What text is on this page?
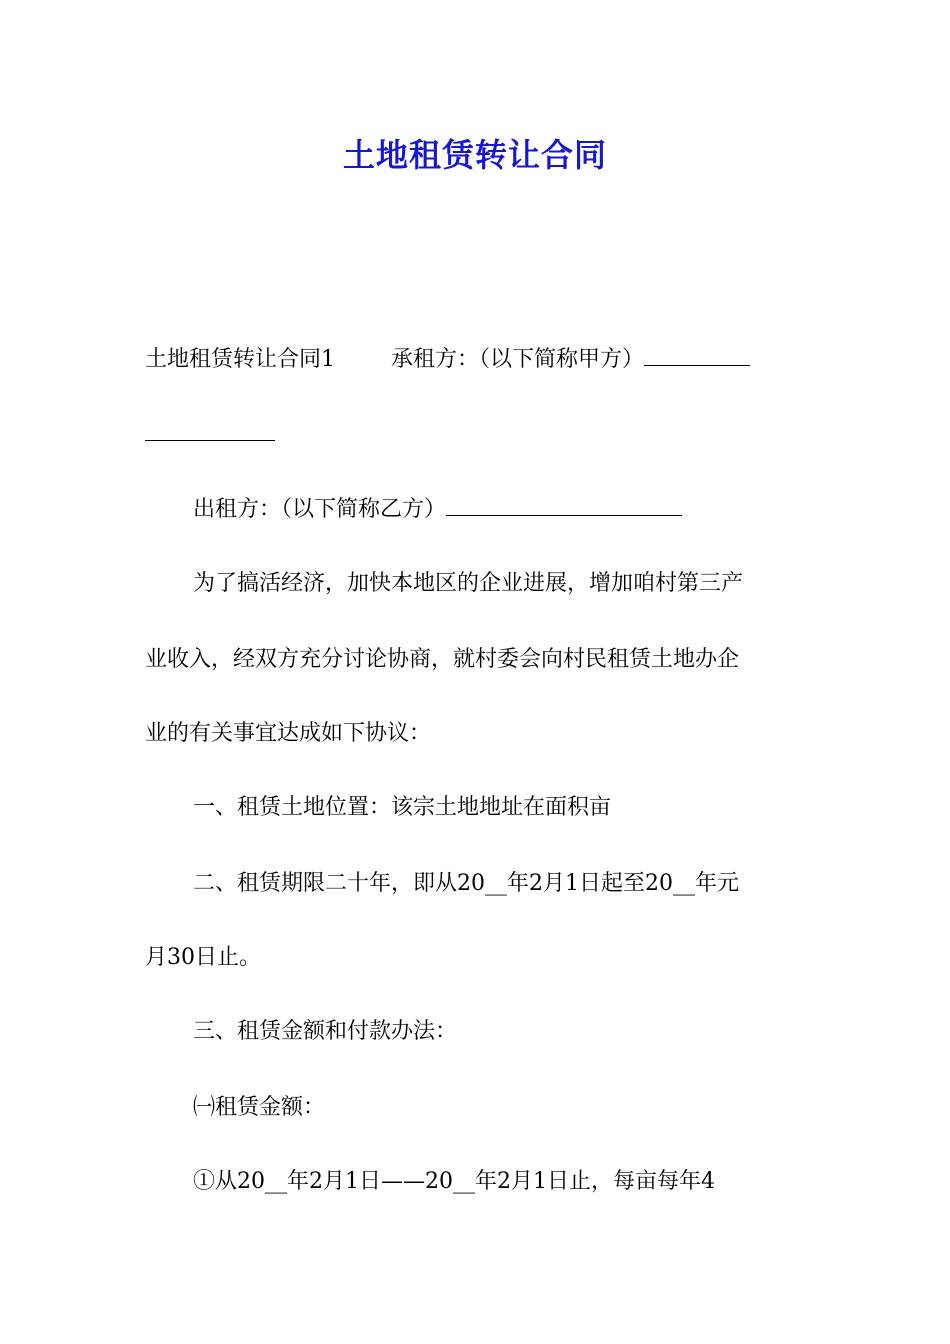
土地租赁转让合同
土地租赁转让合同1	承租方：（以下简称甲方）
出租方：（以下简称乙方）
为了搞活经济，加快本地区的企业进展，增加咱村第三产
业收入，经双方充分讨论协商，就村委会向村民租赁土地办企
业的有关事宜达成如下协议：
一、租赁土地位置：该宗土地地址在面积亩
二、租赁期限二十年，即从20__年2月1日起至20__年元
月30日止。
三、租赁金额和付款办法：
㈠租赁金额：
①从20__年2月1日——20__年2月1日止，每亩每年4
